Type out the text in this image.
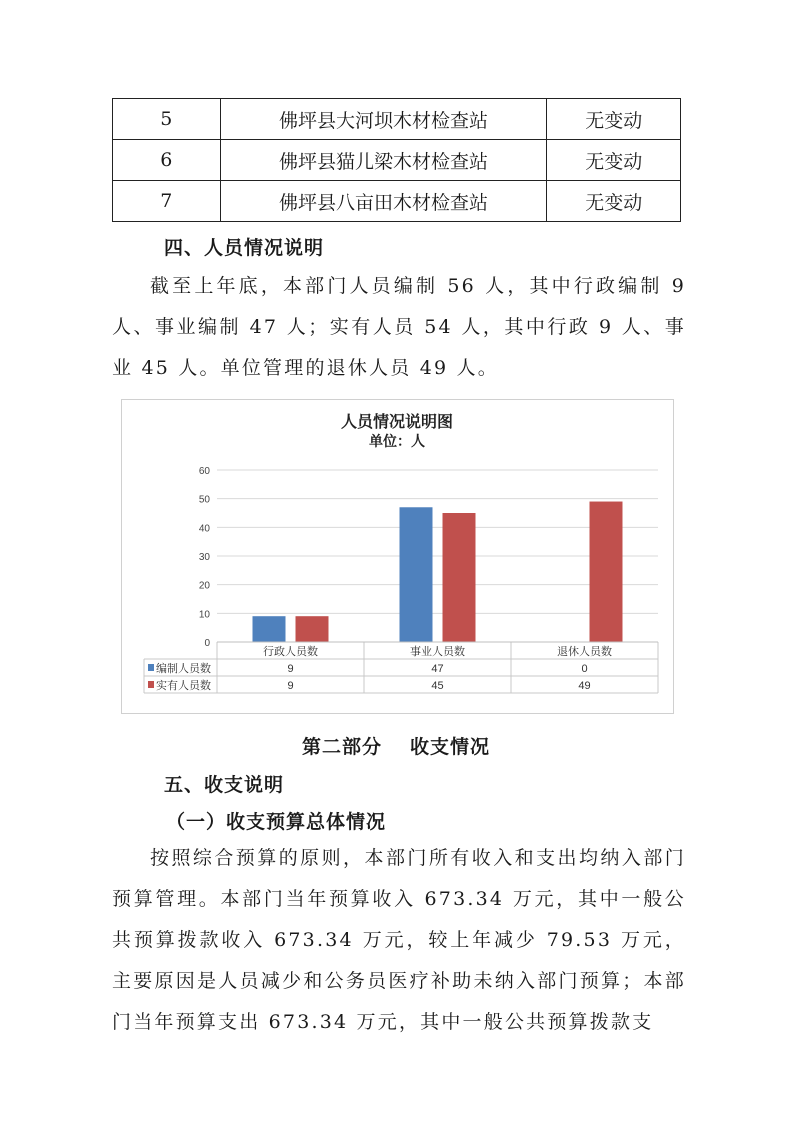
5	佛坪县大河坝木材检查站	无变动
6	佛坪县猫儿梁木材检查站	无变动
7	佛坪县八亩田木材检查站	无变动
四、人员情况说明
截至上年底，本部门人员编制 56 人，其中行政编制 9 人、事业编制 47 人；实有人员 54 人，其中行政 9 人、事业 45 人。单位管理的退休人员 49 人。
人员情况说明图
单位：人
0
10
20
30
40
50
60
行政人员数	事业人员数	退休人员数
编制人员数	9	47	0
实有人员数	9	45	49
第二部分 收支情况
五、收支说明
（一）收支预算总体情况
按照综合预算的原则，本部门所有收入和支出均纳入部门预算管理。本部门当年预算收入 673.34 万元，其中一般公共预算拨款收入 673.34 万元，较上年减少 79.53 万元，主要原因是人员减少和公务员医疗补助未纳入部门预算；本部门当年预算支出 673.34 万元，其中一般公共预算拨款支
